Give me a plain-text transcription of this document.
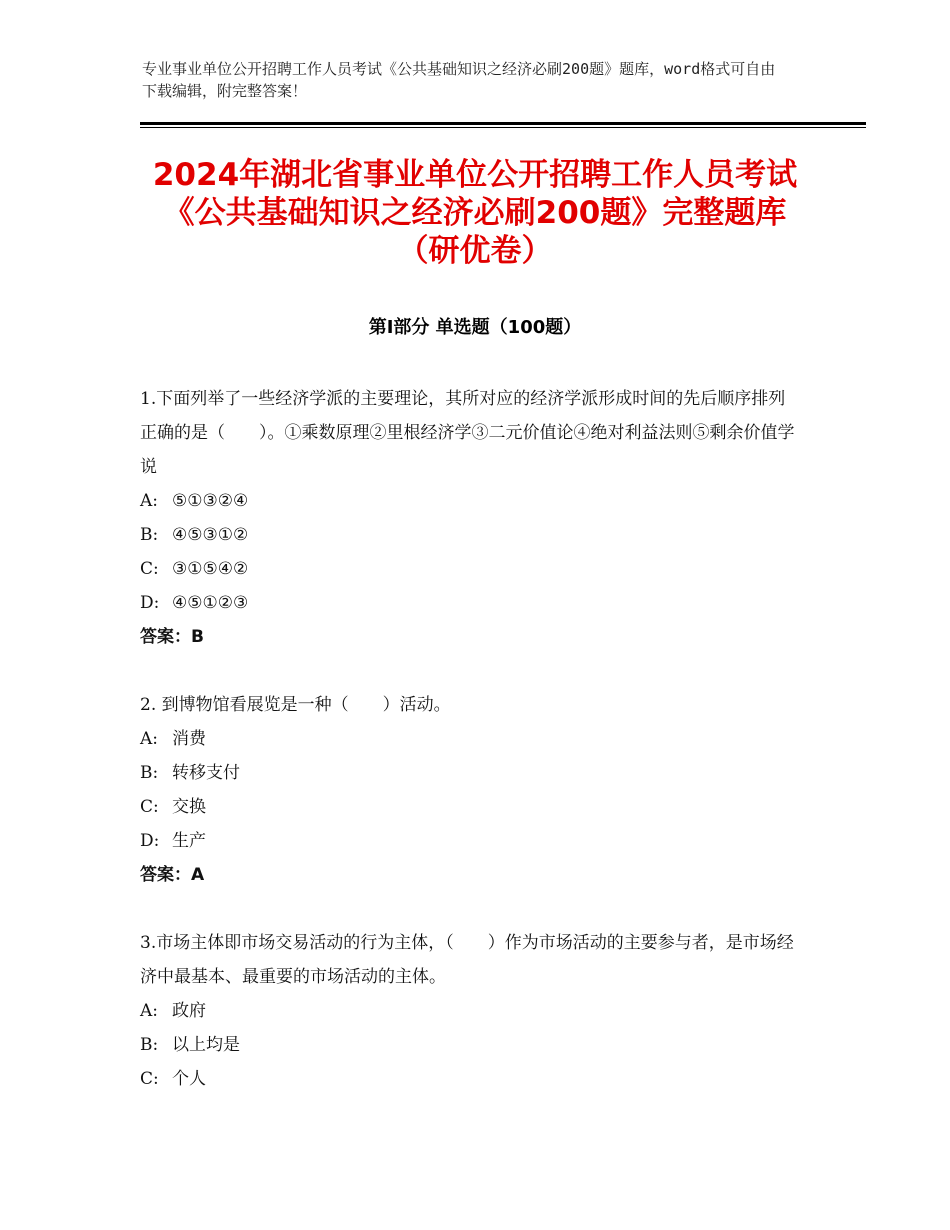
专业事业单位公开招聘工作人员考试《公共基础知识之经济必刷200题》题库，word格式可自由下载编辑，附完整答案！
2024年湖北省事业单位公开招聘工作人员考试《公共基础知识之经济必刷200题》完整题库（研优卷）
第I部分 单选题（100题）

1.下面列举了一些经济学派的主要理论，其所对应的经济学派形成时间的先后顺序排列正确的是（　　）。①乘数原理②里根经济学③二元价值论④绝对利益法则⑤剩余价值学说

A: ⑤①③②④

B: ④⑤③①②

C: ③①⑤④②

D: ④⑤①②③

答案：B

2. 到博物馆看展览是一种（　　）活动。

A: 消费

B: 转移支付

C: 交换

D: 生产

答案：A

3.市场主体即市场交易活动的行为主体，（　　）作为市场活动的主要参与者，是市场经济中最基本、最重要的市场活动的主体。

A: 政府

B: 以上均是

C: 个人
